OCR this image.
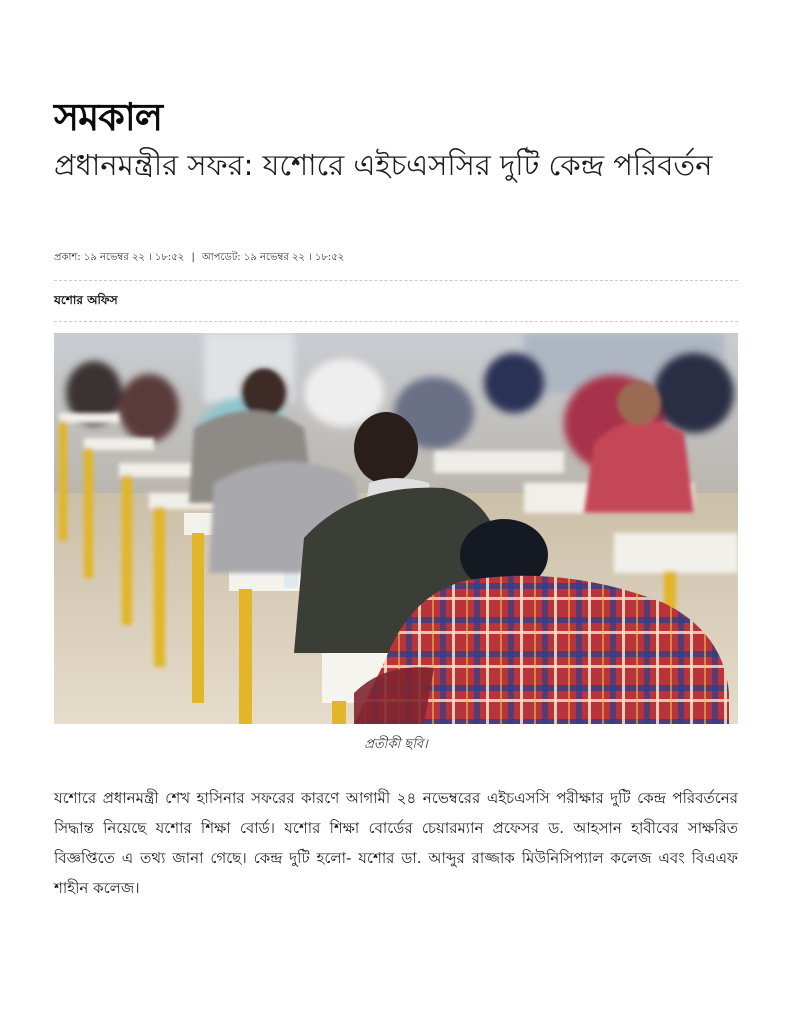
সমকাল
প্রধানমন্ত্রীর সফর: যশোরে এইচএসসির দুটি কেন্দ্র পরিবর্তন
প্রকাশ: ১৯ নভেম্বর ২২ । ১৮:৫২ | আপডেট: ১৯ নভেম্বর ২২ । ১৮:৫২
যশোর অফিস
প্রতীকী ছবি।

যশোরে প্রধানমন্ত্রী শেখ হাসিনার সফরের কারণে আগামী ২৪ নভেম্বরের এইচএসসি পরীক্ষার দুটি কেন্দ্র পরিবর্তনের সিদ্ধান্ত নিয়েছে যশোর শিক্ষা বোর্ড। যশোর শিক্ষা বোর্ডের চেয়ারম্যান প্রফেসর ড. আহসান হাবীবের সাক্ষরিত বিজ্ঞপ্তিতে এ তথ্য জানা গেছে। কেন্দ্র দুটি হলো- যশোর ডা. আব্দুর রাজ্জাক মিউনিসিপ্যাল কলেজ এবং বিএএফ শাহীন কলেজ।
